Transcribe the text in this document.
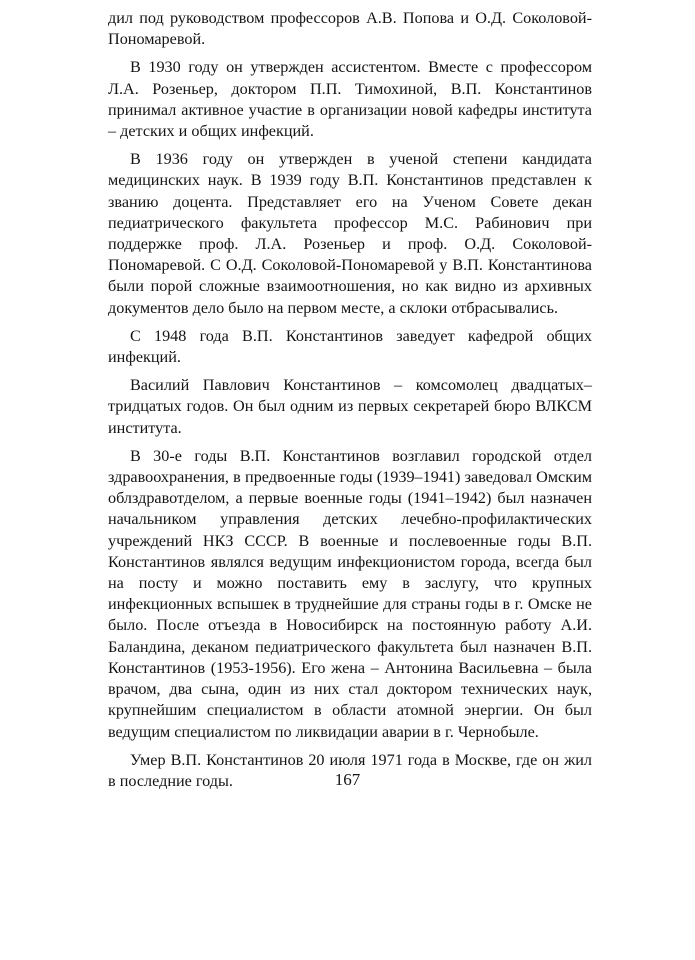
дил под руководством профессоров А.В. Попова и О.Д. Соколовой-Пономаревой.

В 1930 году он утвержден ассистентом. Вместе с профессором Л.А. Розеньер, доктором П.П. Тимохиной, В.П. Константинов принимал активное участие в организации новой кафедры института – детских и общих инфекций.

В 1936 году он утвержден в ученой степени кандидата медицинских наук. В 1939 году В.П. Константинов представлен к званию доцента. Представляет его на Ученом Совете декан педиатрического факультета профессор М.С. Рабинович при поддержке проф. Л.А. Розеньер и проф. О.Д. Соколовой-Пономаревой. С О.Д. Соколовой-Пономаревой у В.П. Константинова были порой сложные взаимоотношения, но как видно из архивных документов дело было на первом месте, а склоки отбрасывались.

С 1948 года В.П. Константинов заведует кафедрой общих инфекций.

Василий Павлович Константинов – комсомолец двадцатых–тридцатых годов. Он был одним из первых секретарей бюро ВЛКСМ института.

В 30-е годы В.П. Константинов возглавил городской отдел здравоохранения, в предвоенные годы (1939–1941) заведовал Омским облздравотделом, а первые военные годы (1941–1942) был назначен начальником управления детских лечебно-профилактических учреждений НКЗ СССР. В военные и послевоенные годы В.П. Константинов являлся ведущим инфекционистом города, всегда был на посту и можно поставить ему в заслугу, что крупных инфекционных вспышек в труднейшие для страны годы в г. Омске не было. После отъезда в Новосибирск на постоянную работу А.И. Баландина, деканом педиатрического факультета был назначен В.П. Константинов (1953-1956). Его жена – Антонина Васильевна – была врачом, два сына, один из них стал доктором технических наук, крупнейшим специалистом в области атомной энергии. Он был ведущим специалистом по ликвидации аварии в г. Чернобыле.

Умер В.П. Константинов 20 июля 1971 года в Москве, где он жил в последние годы.	167
